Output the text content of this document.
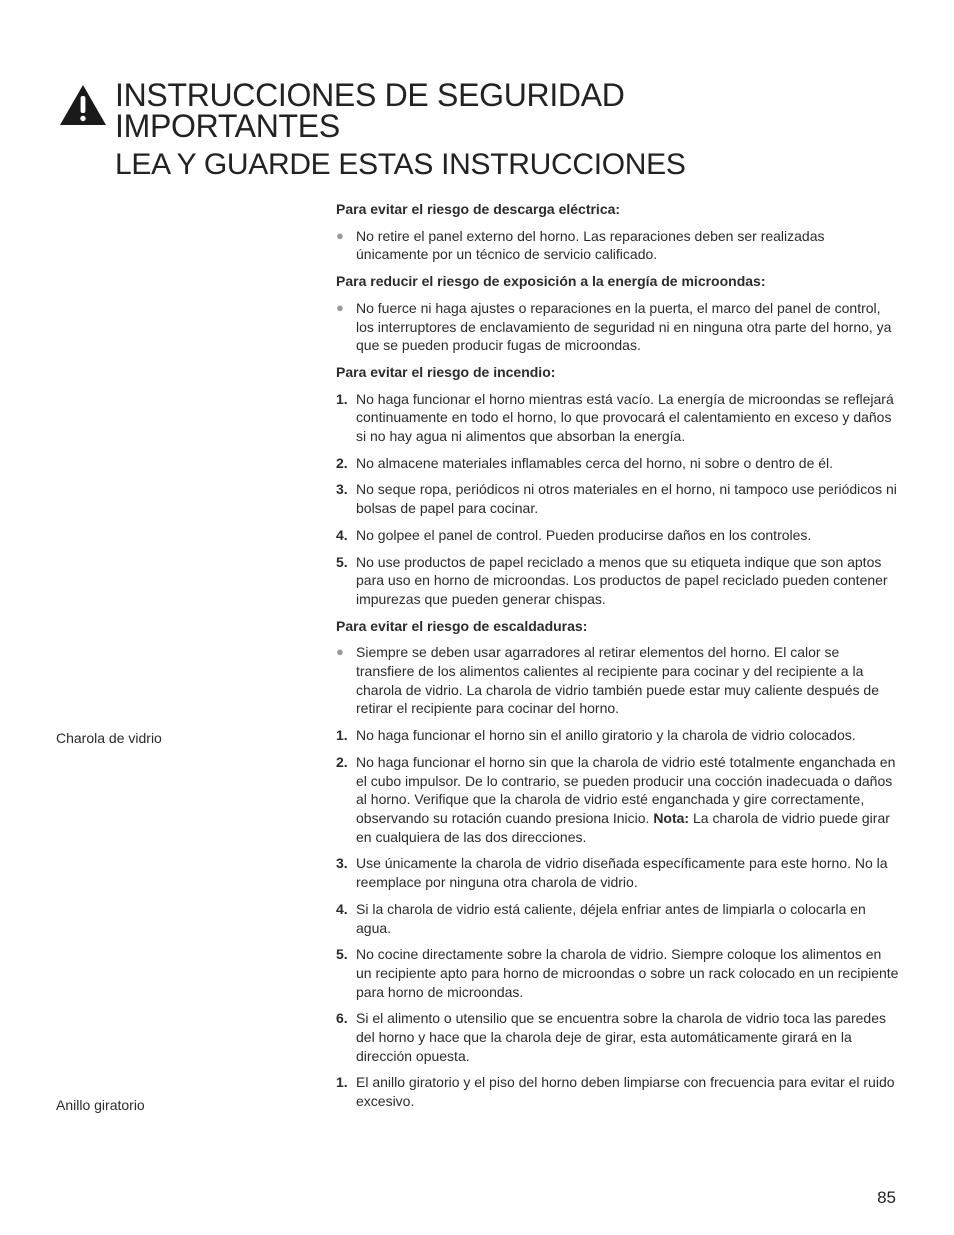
INSTRUCCIONES DE SEGURIDAD
IMPORTANTES
LEA Y GUARDE ESTAS INSTRUCCIONES
Charola de vidrio
Anillo giratorio
Para evitar el riesgo de descarga eléctrica:
● No retire el panel externo del horno. Las reparaciones deben ser realizadas únicamente por un técnico de servicio calificado.
Para reducir el riesgo de exposición a la energía de microondas:
● No fuerce ni haga ajustes o reparaciones en la puerta, el marco del panel de control, los interruptores de enclavamiento de seguridad ni en ninguna otra parte del horno, ya que se pueden producir fugas de microondas.
Para evitar el riesgo de incendio:
1. No haga funcionar el horno mientras está vacío. La energía de microondas se reflejará continuamente en todo el horno, lo que provocará el calentamiento en exceso y daños si no hay agua ni alimentos que absorban la energía.
2. No almacene materiales inflamables cerca del horno, ni sobre o dentro de él.
3. No seque ropa, periódicos ni otros materiales en el horno, ni tampoco use periódicos ni bolsas de papel para cocinar.
4. No golpee el panel de control. Pueden producirse daños en los controles.
5. No use productos de papel reciclado a menos que su etiqueta indique que son aptos para uso en horno de microondas. Los productos de papel reciclado pueden contener impurezas que pueden generar chispas.
Para evitar el riesgo de escaldaduras:
● Siempre se deben usar agarradores al retirar elementos del horno. El calor se transfiere de los alimentos calientes al recipiente para cocinar y del recipiente a la charola de vidrio. La charola de vidrio también puede estar muy caliente después de retirar el recipiente para cocinar del horno.
1. No haga funcionar el horno sin el anillo giratorio y la charola de vidrio colocados.
2. No haga funcionar el horno sin que la charola de vidrio esté totalmente enganchada en el cubo impulsor. De lo contrario, se pueden producir una cocción inadecuada o daños al horno. Verifique que la charola de vidrio esté enganchada y gire correctamente, observando su rotación cuando presiona Inicio. Nota: La charola de vidrio puede girar en cualquiera de las dos direcciones.
3. Use únicamente la charola de vidrio diseñada específicamente para este horno. No la reemplace por ninguna otra charola de vidrio.
4. Si la charola de vidrio está caliente, déjela enfriar antes de limpiarla o colocarla en agua.
5. No cocine directamente sobre la charola de vidrio. Siempre coloque los alimentos en un recipiente apto para horno de microondas o sobre un rack colocado en un recipiente para horno de microondas.
6. Si el alimento o utensilio que se encuentra sobre la charola de vidrio toca las paredes del horno y hace que la charola deje de girar, esta automáticamente girará en la dirección opuesta.
1. El anillo giratorio y el piso del horno deben limpiarse con frecuencia para evitar el ruido excesivo.
85
